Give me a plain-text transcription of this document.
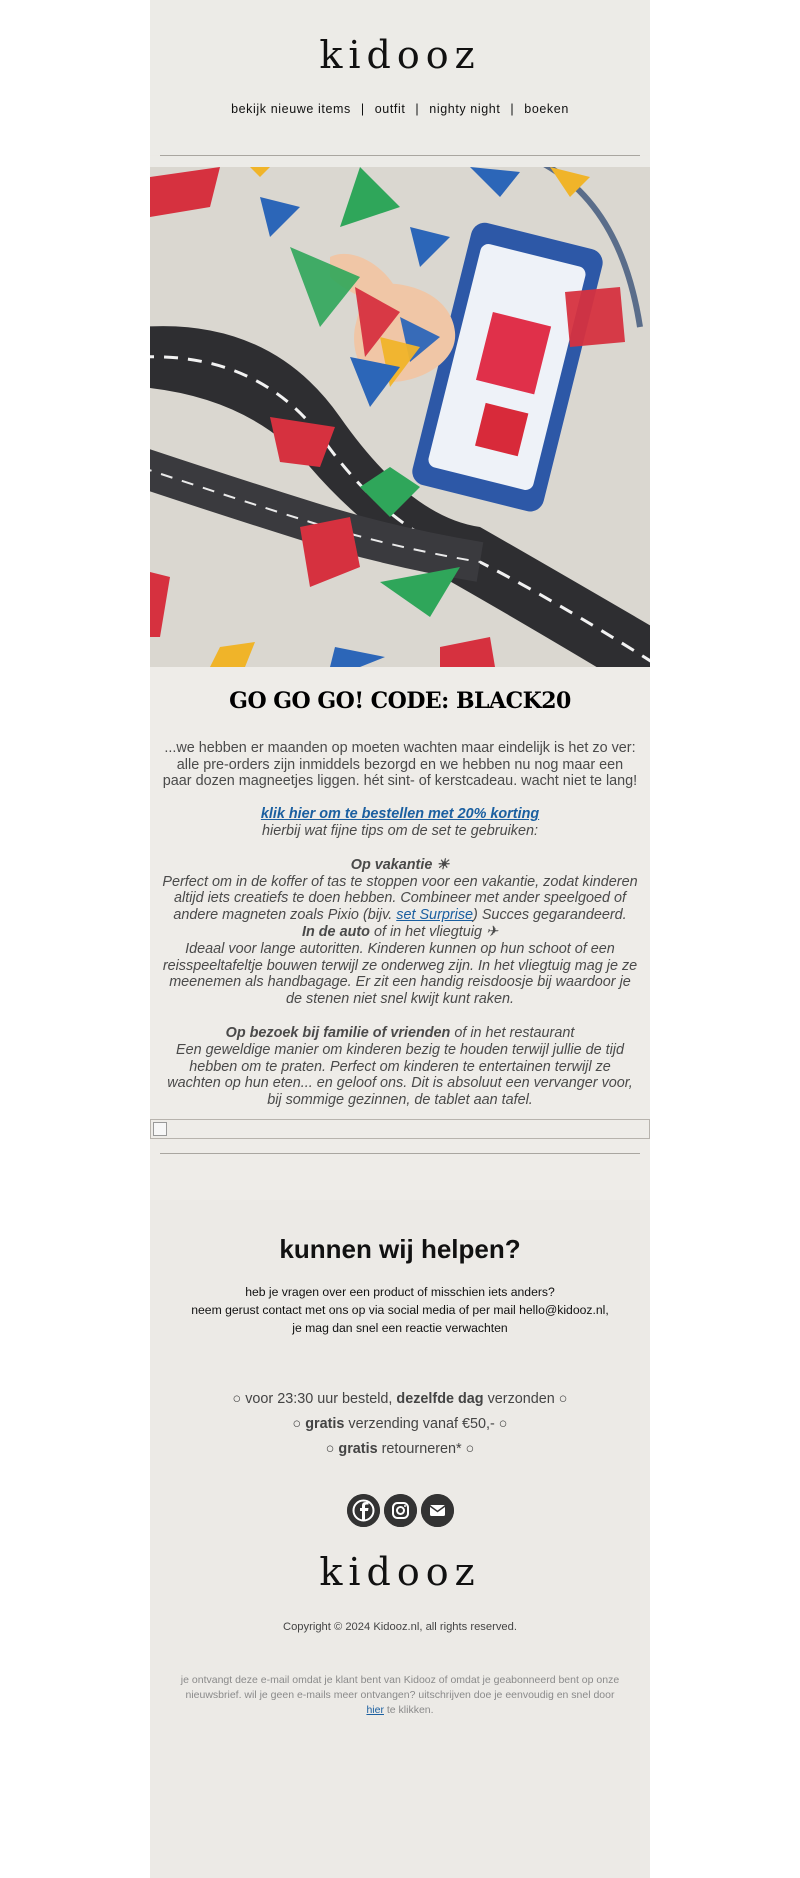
kidooz
bekijk nieuwe items | outfit | nighty night | boeken
GO GO GO! CODE: BLACK20
...we hebben er maanden op moeten wachten maar eindelijk is het zo ver: alle pre-orders zijn inmiddels bezorgd en we hebben nu nog maar een paar dozen magneetjes liggen. hét sint- of kerstcadeau. wacht niet te lang!
klik hier om te bestellen met 20% korting
hierbij wat fijne tips om de set te gebruiken:
Op vakantie ☀
Perfect om in de koffer of tas te stoppen voor een vakantie, zodat kinderen altijd iets creatiefs te doen hebben. Combineer met ander speelgoed of andere magneten zoals Pixio (bijv. set Surprise) Succes gegarandeerd.
In de auto of in het vliegtuig ✈
Ideaal voor lange autoritten. Kinderen kunnen op hun schoot of een reisspeeltafeltje bouwen terwijl ze onderweg zijn. In het vliegtuig mag je ze meenemen als handbagage. Er zit een handig reisdoosje bij waardoor je de stenen niet snel kwijt kunt raken.
Op bezoek bij familie of vrienden of in het restaurant
Een geweldige manier om kinderen bezig te houden terwijl jullie de tijd hebben om te praten. Perfect om kinderen te entertainen terwijl ze wachten op hun eten... en geloof ons. Dit is absoluut een vervanger voor, bij sommige gezinnen, de tablet aan tafel.
kunnen wij helpen?
heb je vragen over een product of misschien iets anders?
neem gerust contact met ons op via social media of per mail hello@kidooz.nl, je mag dan snel een reactie verwachten
○ voor 23:30 uur besteld, dezelfde dag verzonden ○
○ gratis verzending vanaf €50,- ○
○ gratis retourneren* ○
kidooz
Copyright © 2024 Kidooz.nl, all rights reserved.
je ontvangt deze e-mail omdat je klant bent van Kidooz of omdat je geabonneerd bent op onze nieuwsbrief. wil je geen e-mails meer ontvangen? uitschrijven doe je eenvoudig en snel door hier te klikken.
